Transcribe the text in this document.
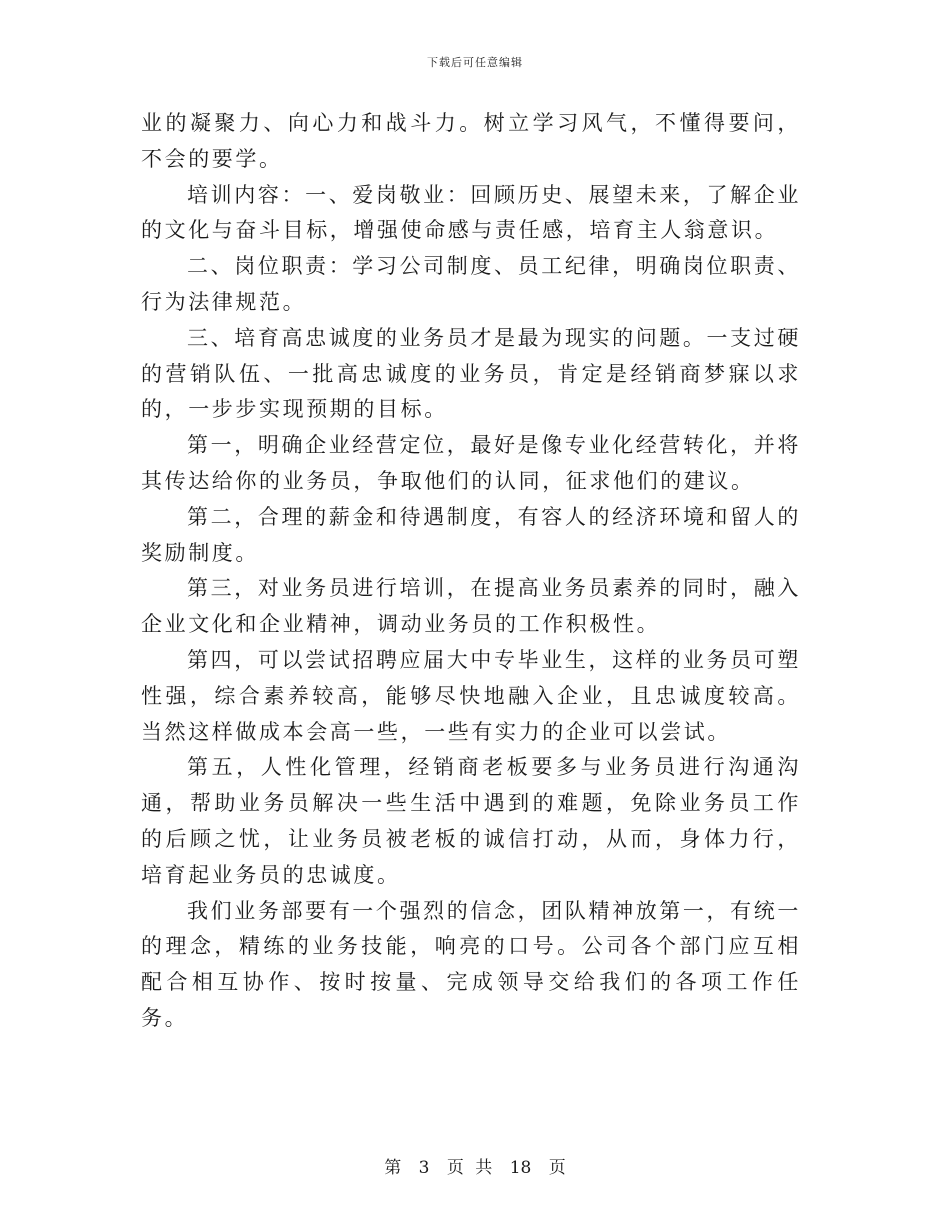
下载后可任意编辑

业的凝聚力、向心力和战斗力。树立学习风气，不懂得要问，不会的要学。

培训内容：一、爱岗敬业：回顾历史、展望未来，了解企业的文化与奋斗目标，增强使命感与责任感，培育主人翁意识。

二、岗位职责：学习公司制度、员工纪律，明确岗位职责、行为法律规范。

三、培育高忠诚度的业务员才是最为现实的问题。一支过硬的营销队伍、一批高忠诚度的业务员，肯定是经销商梦寐以求的，一步步实现预期的目标。

第一，明确企业经营定位，最好是像专业化经营转化，并将其传达给你的业务员，争取他们的认同，征求他们的建议。

第二，合理的薪金和待遇制度，有容人的经济环境和留人的奖励制度。

第三，对业务员进行培训，在提高业务员素养的同时，融入企业文化和企业精神，调动业务员的工作积极性。

第四，可以尝试招聘应届大中专毕业生，这样的业务员可塑性强，综合素养较高，能够尽快地融入企业，且忠诚度较高。当然这样做成本会高一些，一些有实力的企业可以尝试。

第五，人性化管理，经销商老板要多与业务员进行沟通沟通，帮助业务员解决一些生活中遇到的难题，免除业务员工作的后顾之忧，让业务员被老板的诚信打动，从而，身体力行，培育起业务员的忠诚度。

我们业务部要有一个强烈的信念，团队精神放第一，有统一的理念，精练的业务技能，响亮的口号。公司各个部门应互相配合相互协作、按时按量、完成领导交给我们的各项工作任务。

第 3 页 共 18 页
